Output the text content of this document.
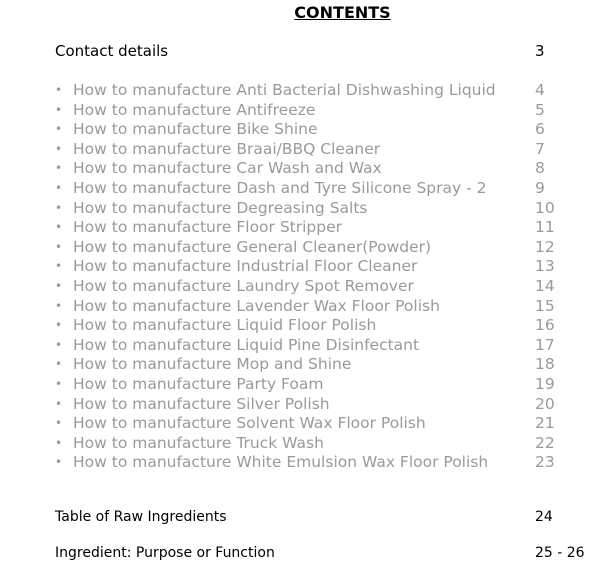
CONTENTS
Contact details	3
• How to manufacture Anti Bacterial Dishwashing Liquid	4
• How to manufacture Antifreeze	5
• How to manufacture Bike Shine	6
• How to manufacture Braai/BBQ Cleaner	7
• How to manufacture Car Wash and Wax	8
• How to manufacture Dash and Tyre Silicone Spray - 2	9
• How to manufacture Degreasing Salts	10
• How to manufacture Floor Stripper	11
• How to manufacture General Cleaner(Powder)	12
• How to manufacture Industrial Floor Cleaner	13
• How to manufacture Laundry Spot Remover	14
• How to manufacture Lavender Wax Floor Polish	15
• How to manufacture Liquid Floor Polish	16
• How to manufacture Liquid Pine Disinfectant	17
• How to manufacture Mop and Shine	18
• How to manufacture Party Foam	19
• How to manufacture Silver Polish	20
• How to manufacture Solvent Wax Floor Polish	21
• How to manufacture Truck Wash	22
• How to manufacture White Emulsion Wax Floor Polish	23
Table of Raw Ingredients	24
Ingredient: Purpose or Function	25 - 26
